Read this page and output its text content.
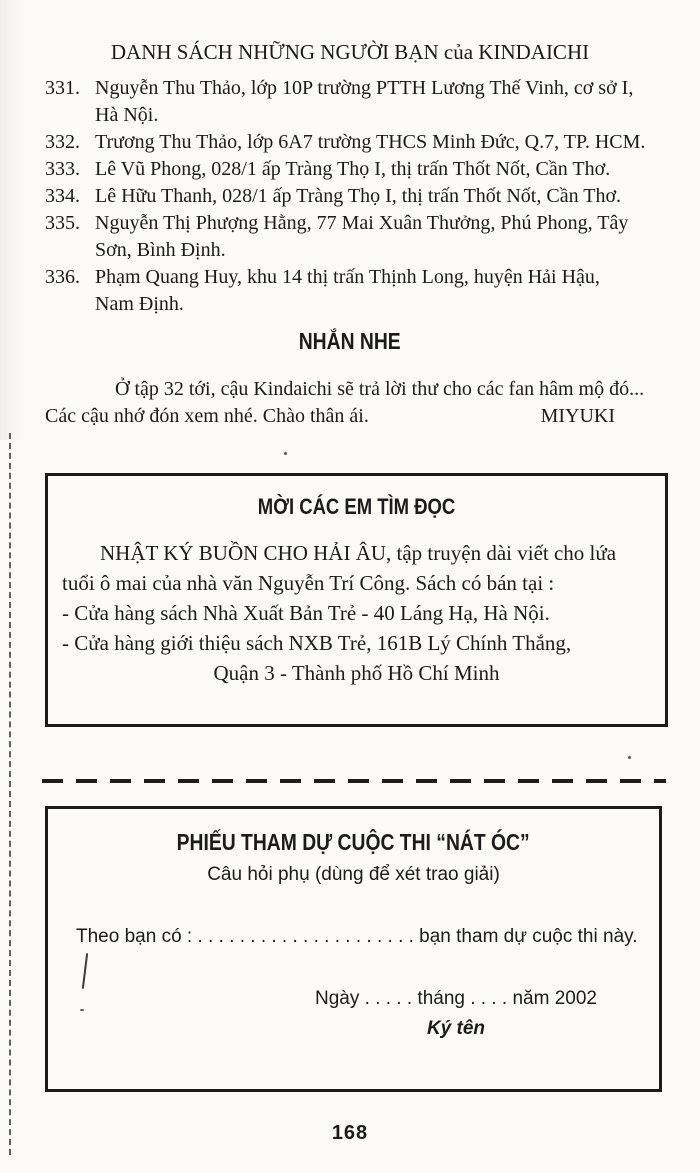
DANH SÁCH NHỮNG NGƯỜI BẠN của KINDAICHI
331. Nguyễn Thu Thảo, lớp 10P trường PTTH Lương Thế Vinh, cơ sở I,
Hà Nội.
332. Trương Thu Thảo, lớp 6A7 trường THCS Minh Đức, Q.7, TP. HCM.
333. Lê Vũ Phong, 028/1 ấp Tràng Thọ I, thị trấn Thốt Nốt, Cần Thơ.
334. Lê Hữu Thanh, 028/1 ấp Tràng Thọ I, thị trấn Thốt Nốt, Cần Thơ.
335. Nguyễn Thị Phượng Hằng, 77 Mai Xuân Thưởng, Phú Phong, Tây
Sơn, Bình Định.
336. Phạm Quang Huy, khu 14 thị trấn Thịnh Long, huyện Hải Hậu,
Nam Định.
NHẮN NHE
Ở tập 32 tới, cậu Kindaichi sẽ trả lời thư cho các fan hâm mộ đó...
Các cậu nhớ đón xem nhé. Chào thân ái.	MIYUKI
MỜI CÁC EM TÌM ĐỌC
NHẬT KÝ BUỒN CHO HẢI ÂU, tập truyện dài viết cho lứa
tuổi ô mai của nhà văn Nguyễn Trí Công. Sách có bán tại :
- Cửa hàng sách Nhà Xuất Bản Trẻ - 40 Láng Hạ, Hà Nội.
- Cửa hàng giới thiệu sách NXB Trẻ, 161B Lý Chính Thắng,
Quận 3 - Thành phố Hồ Chí Minh
PHIẾU THAM DỰ CUỘC THI “NÁT ÓC”
Câu hỏi phụ (dùng để xét trao giải)
Theo bạn có : . . . . . . . . . . . . . . . . . . . . . bạn tham dự cuộc thi này.
Ngày . . . . . tháng . . . . năm 2002
Ký tên
168
